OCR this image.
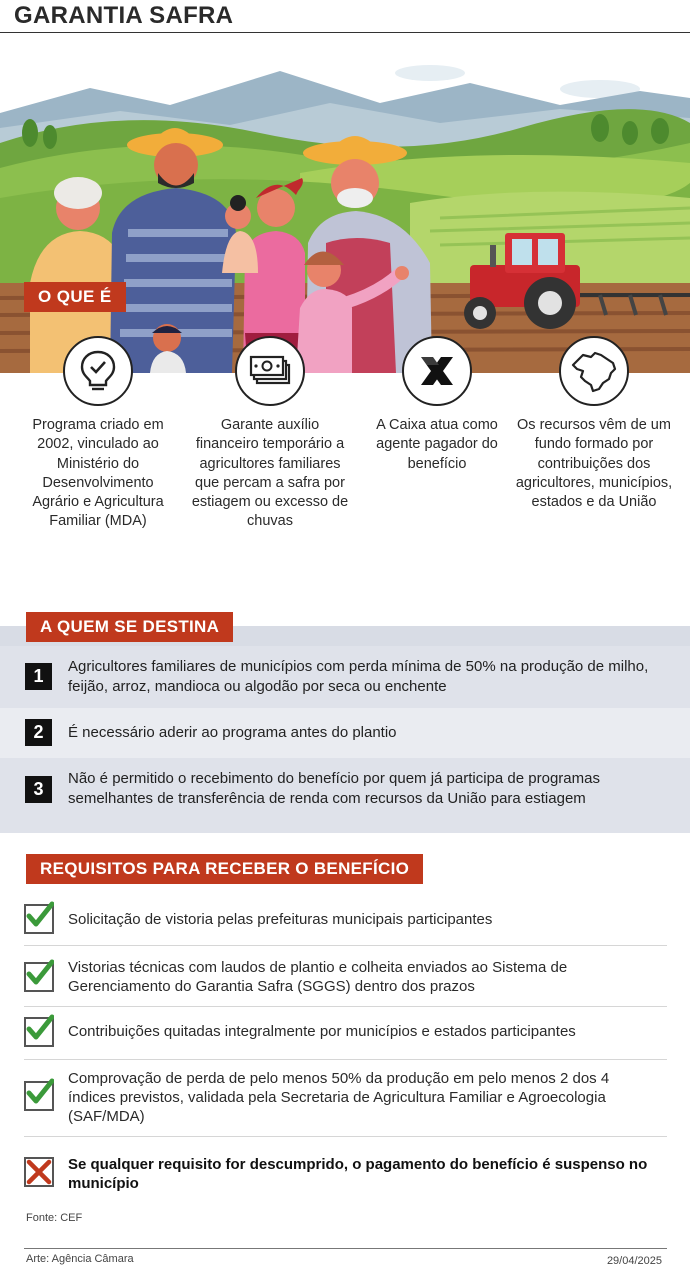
GARANTIA SAFRA
O QUE É
Programa criado em 2002, vinculado ao Ministério do Desenvolvimento Agrário e Agricultura Familiar (MDA)
Garante auxílio financeiro temporário a agricultores familiares que percam a safra por estiagem ou excesso de chuvas
A Caixa atua como agente pagador do benefício
Os recursos vêm de um fundo formado por contribuições dos agricultores, municípios, estados e da União
A QUEM SE DESTINA
1	Agricultores familiares de municípios com perda mínima de 50% na produção de milho, feijão, arroz, mandioca ou algodão por seca ou enchente
2	É necessário aderir ao programa antes do plantio
3
Não é permitido o recebimento do benefício por quem já participa de programas semelhantes de transferência de renda com recursos da União para estiagem
REQUISITOS PARA RECEBER O BENEFÍCIO
Solicitação de vistoria pelas prefeituras municipais participantes
Vistorias técnicas com laudos de plantio e colheita enviados ao Sistema de Gerenciamento do Garantia Safra (SGGS) dentro dos prazos
Contribuições quitadas integralmente por municípios e estados participantes
Comprovação de perda de pelo menos 50% da produção em pelo menos 2 dos 4 índices previstos, validada pela Secretaria de Agricultura Familiar e Agroecologia (SAF/MDA)
Se qualquer requisito for descumprido, o pagamento do benefício é suspenso no município
Fonte: CEF
Arte: Agência Câmara	29/04/2025
